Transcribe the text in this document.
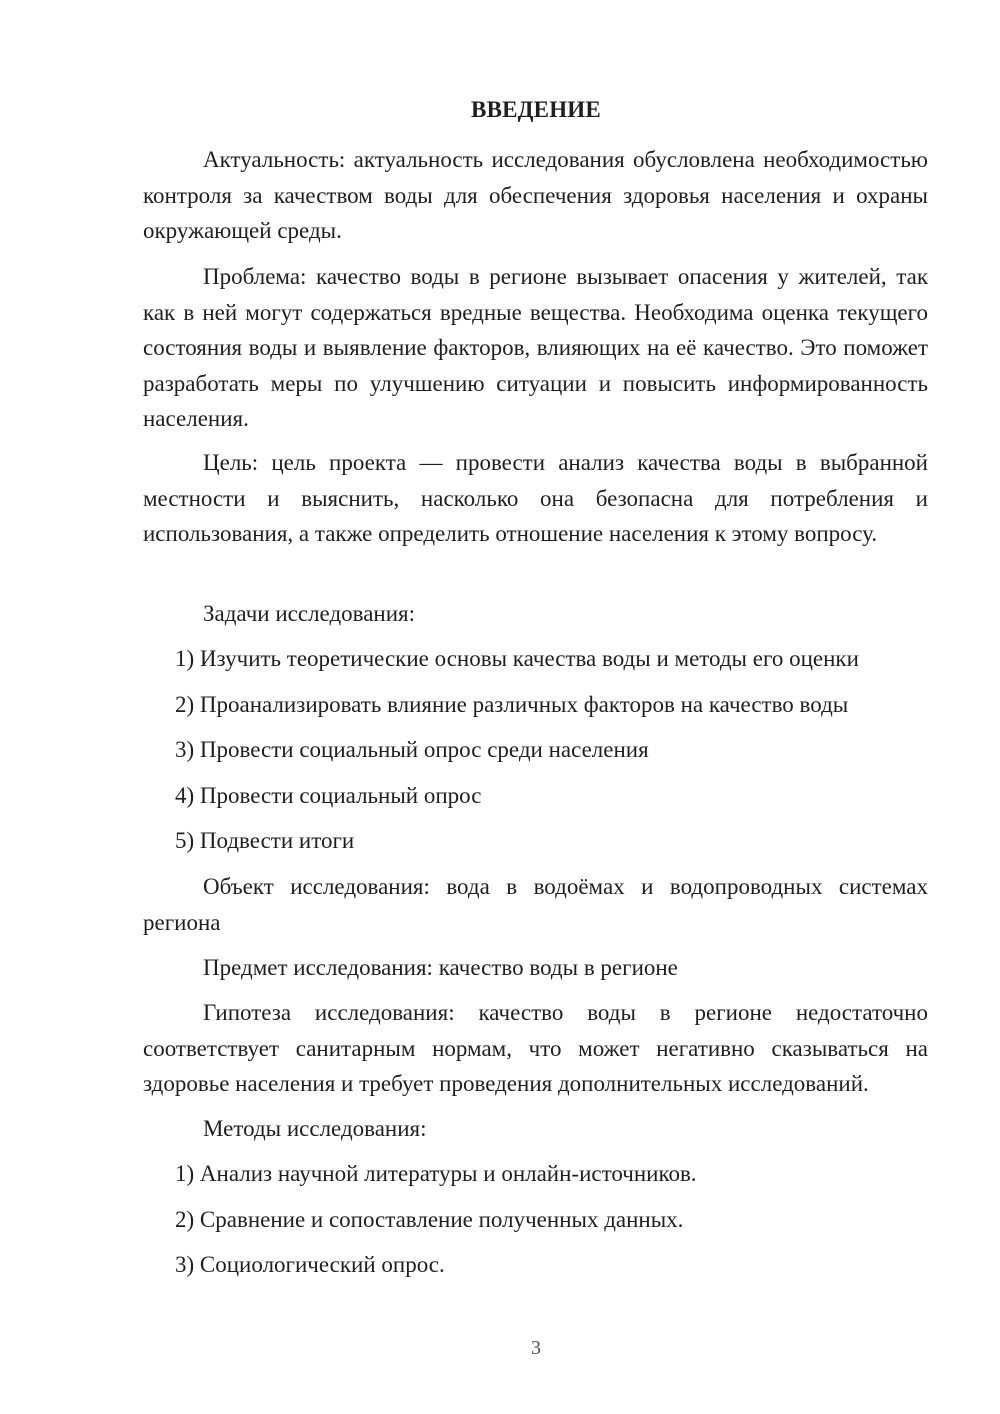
ВВЕДЕНИЕ

Актуальность: актуальность исследования обусловлена необходимостью контроля за качеством воды для обеспечения здоровья населения и охраны окружающей среды.

Проблема: качество воды в регионе вызывает опасения у жителей, так как в ней могут содержаться вредные вещества. Необходима оценка текущего состояния воды и выявление факторов, влияющих на её качество. Это поможет разработать меры по улучшению ситуации и повысить информированность населения.

Цель: цель проекта — провести анализ качества воды в выбранной местности и выяснить, насколько она безопасна для потребления и использования, а также определить отношение населения к этому вопросу.

Задачи исследования:

1) Изучить теоретические основы качества воды и методы его оценки

2) Проанализировать влияние различных факторов на качество воды

3) Провести социальный опрос среди населения

4) Провести социальный опрос

5) Подвести итоги

Объект исследования: вода в водоёмах и водопроводных системах региона

Предмет исследования: качество воды в регионе

Гипотеза исследования: качество воды в регионе недостаточно соответствует санитарным нормам, что может негативно сказываться на здоровье населения и требует проведения дополнительных исследований.

Методы исследования:

1) Анализ научной литературы и онлайн-источников.

2) Сравнение и сопоставление полученных данных.

3) Социологический опрос.

3
